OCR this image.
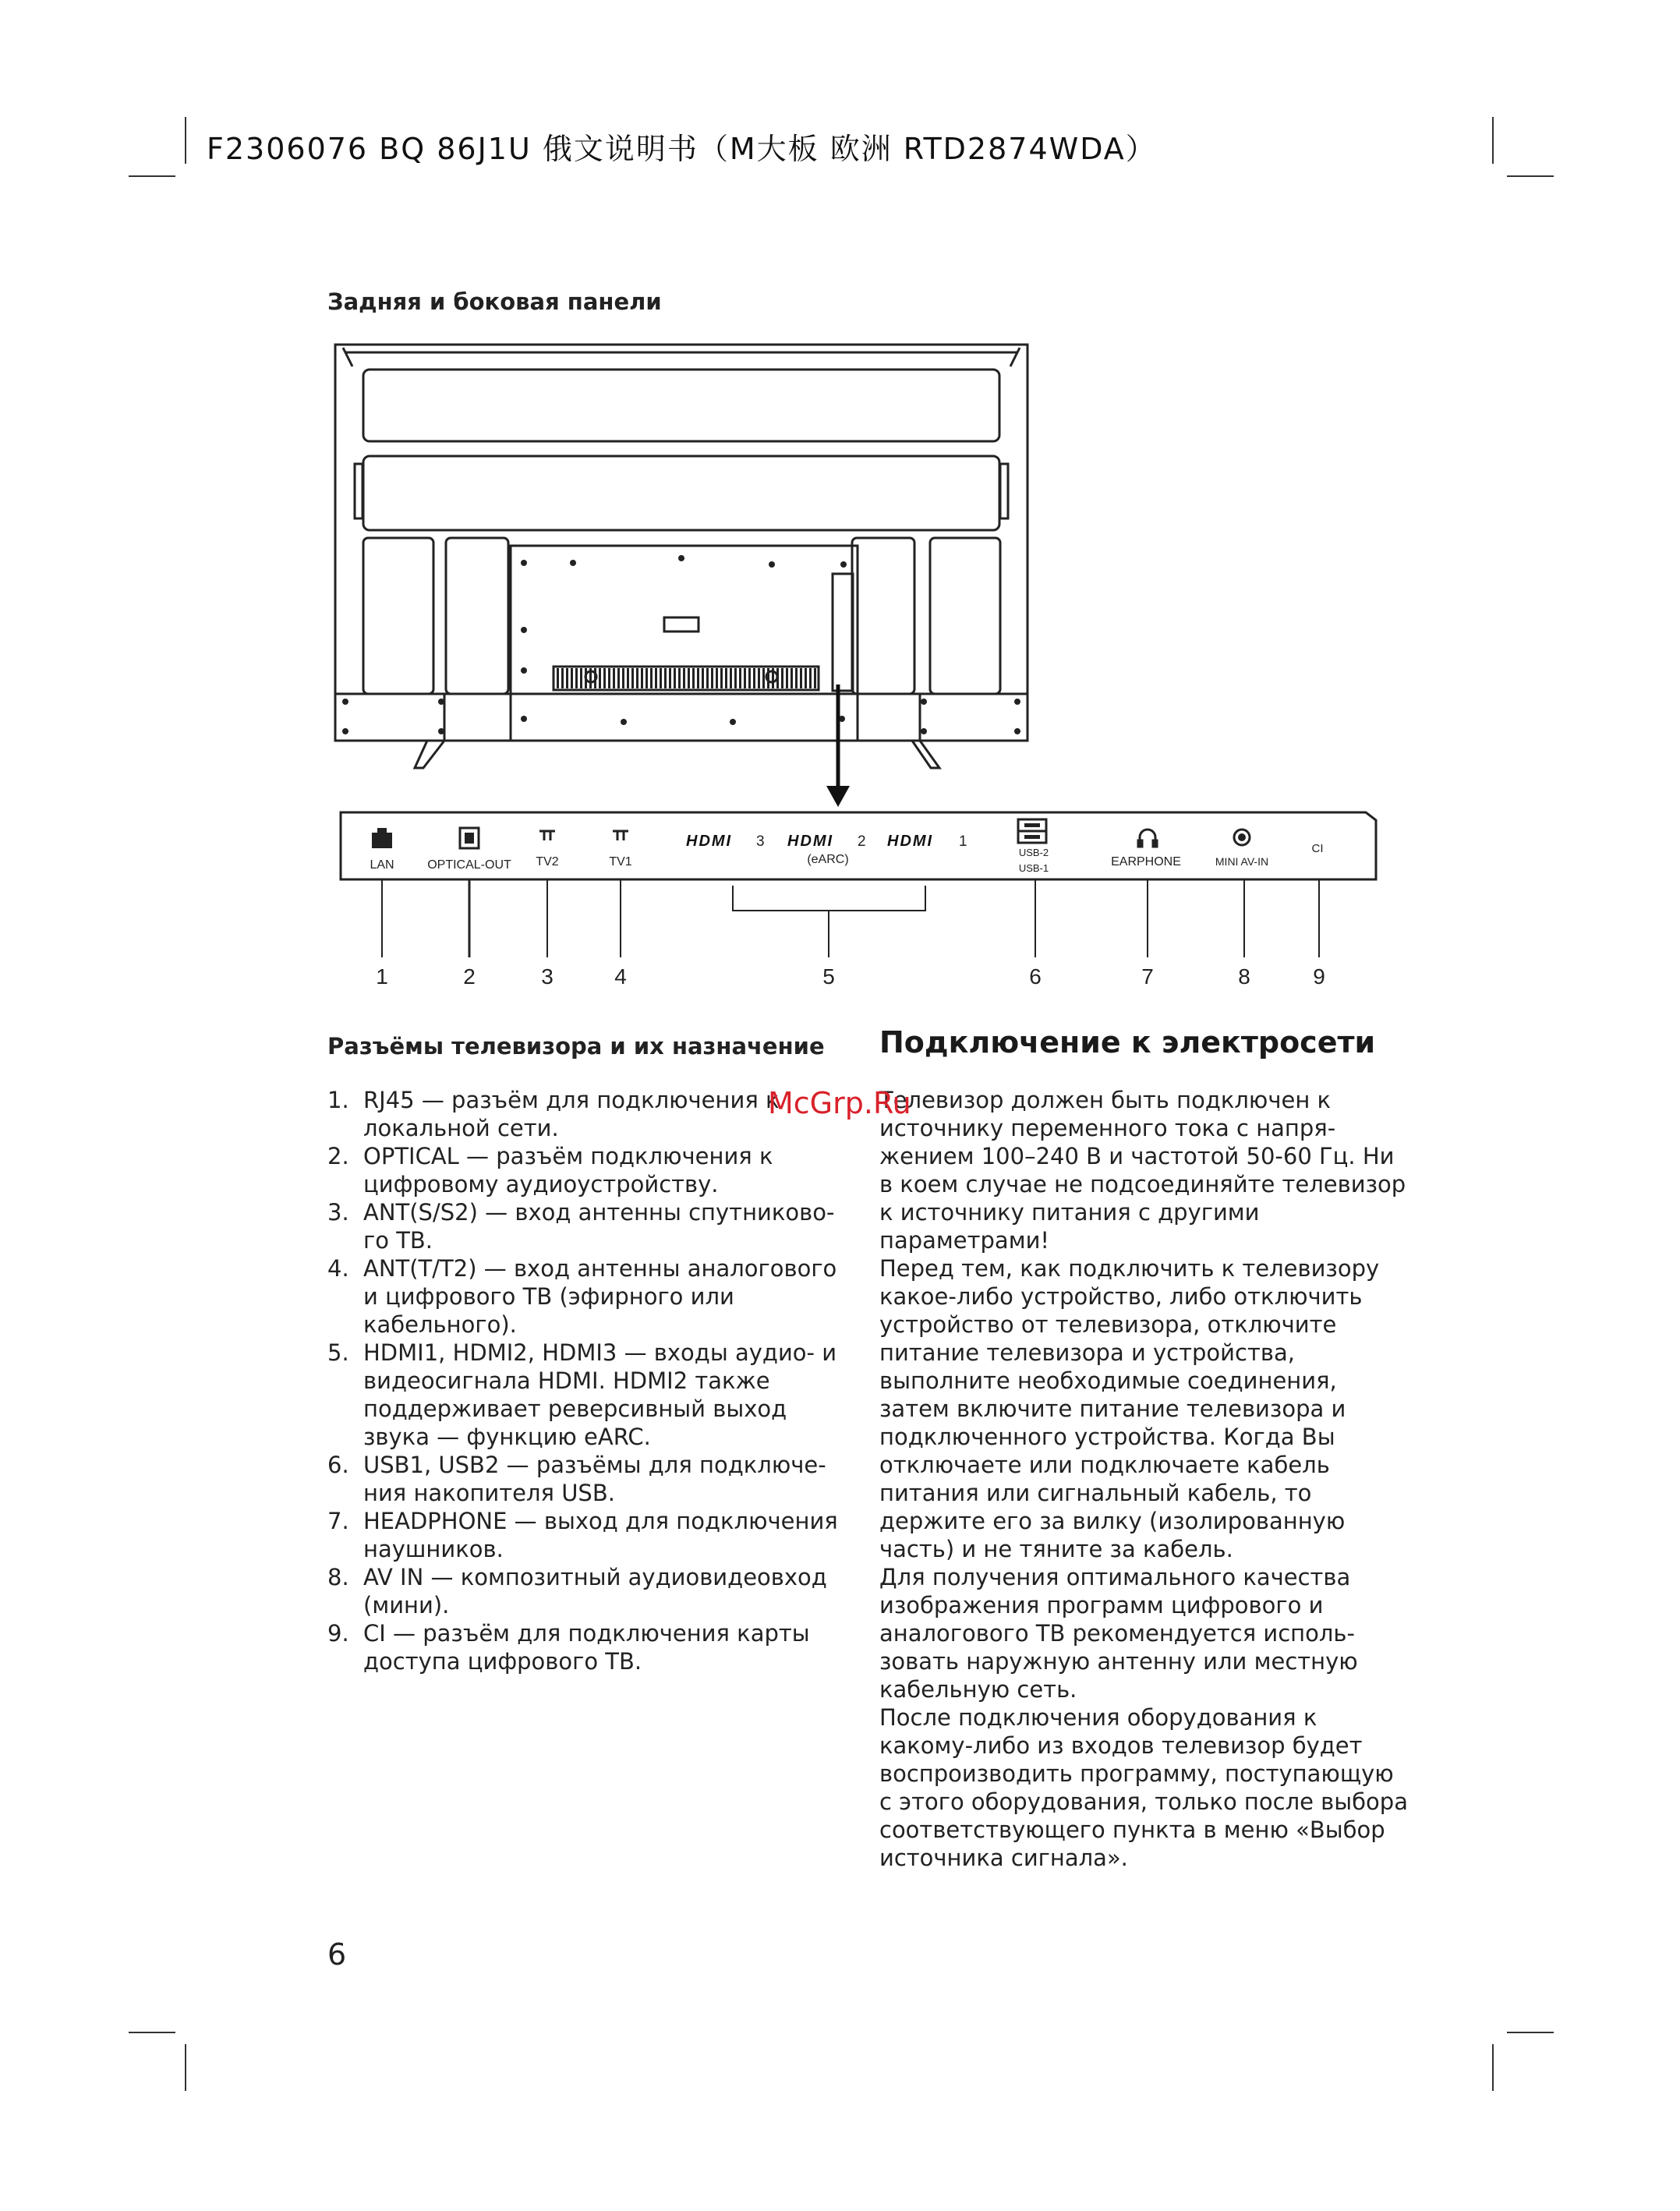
F2306076 BQ 86J1U 俄文说明书（M大板 欧洲 RTD2874WDA）
Задняя и боковая панели
LAN	OPTICAL-OUT TV2	TV1	(eARC)
USB-2
USB-1	EARPHONE	MINI AV-IN
CI
HDMI	HDMI	HDMI
3	2	1
1	2	3	4	5	6	7	8	9
Разъёмы телевизора и их назначение
1. RJ45 — разъём для подключения к локальной сети.
2. OPTICAL — разъём подключения к цифровому аудиоустройству.
3. ANT(S/S2) — вход антенны спутникового ТВ.
4. ANT(T/T2) — вход антенны аналогового и цифрового ТВ (эфирного или кабельного).
5. HDMI1, HDMI2, HDMI3 — входы аудио- и видеосигнала HDMI. HDMI2 также поддерживает реверсивный выход звука — функцию eARC.
6. USB1, USB2 — разъёмы для подключения накопителя USB.
7. HEADPHONE — выход для подключения наушников.
8. AV IN — композитный аудиовидеовход (мини).
9. CI — разъём для подключения карты доступа цифрового ТВ.
Подключение к электросети

Телевизор должен быть подключен к источнику переменного тока с напряжением 100–240 В и частотой 50-60 Гц. Ни в коем случае не подсоединяйте телевизор к источнику питания с другими параметрами!

Перед тем, как подключить к телевизору какое-либо устройство, либо отключить устройство от телевизора, отключите питание телевизора и устройства, выполните необходимые соединения, затем включите питание телевизора и подключенного устройства. Когда Вы отключаете или подключаете кабель питания или сигнальный кабель, то держите его за вилку (изолированную часть) и не тяните за кабель.

Для получения оптимального качества изображения программ цифрового и аналогового ТВ рекомендуется использовать наружную антенну или местную кабельную сеть.

После подключения оборудования к какому-либо из входов телевизор будет воспроизводить программу, поступающую с этого оборудования, только после выбора соответствующего пункта в меню «Выбор источника сигнала».

McGrp.Ru
6
